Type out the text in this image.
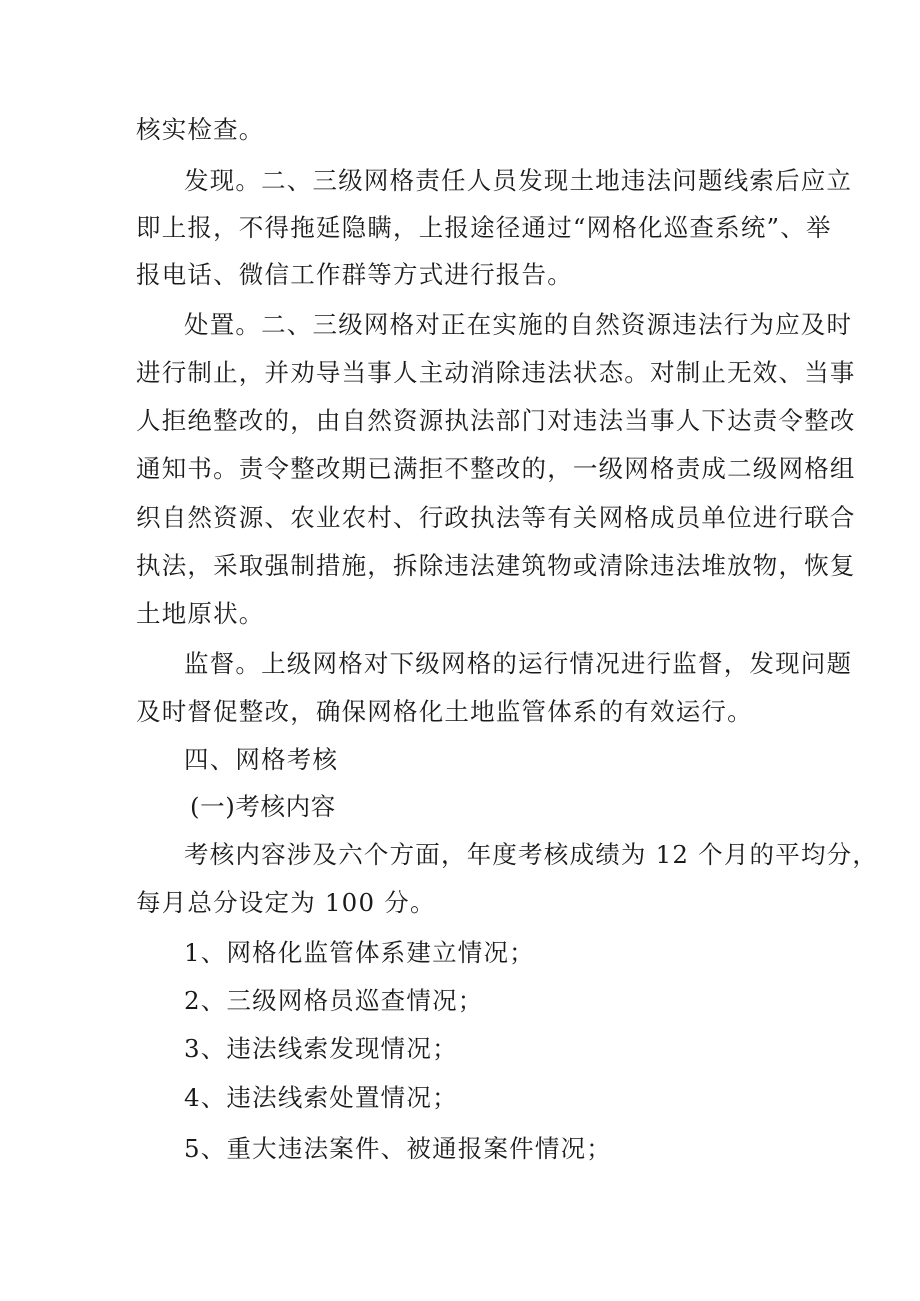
核实检查。
发现。二、三级网格责任人员发现土地违法问题线索后应立
即上报，不得拖延隐瞒，上报途径通过“网格化巡查系统”、举
报电话、微信工作群等方式进行报告。
处置。二、三级网格对正在实施的自然资源违法行为应及时
进行制止，并劝导当事人主动消除违法状态。对制止无效、当事
人拒绝整改的，由自然资源执法部门对违法当事人下达责令整改
通知书。责令整改期已满拒不整改的，一级网格责成二级网格组
织自然资源、农业农村、行政执法等有关网格成员单位进行联合
执法，采取强制措施，拆除违法建筑物或清除违法堆放物，恢复
土地原状。
监督。上级网格对下级网格的运行情况进行监督，发现问题
及时督促整改，确保网格化土地监管体系的有效运行。
四、网格考核
(一)考核内容
考核内容涉及六个方面，年度考核成绩为 12 个月的平均分，
每月总分设定为 100 分。
1、网格化监管体系建立情况；
2、三级网格员巡查情况；
3、违法线索发现情况；
4、违法线索处置情况；
5、重大违法案件、被通报案件情况；
